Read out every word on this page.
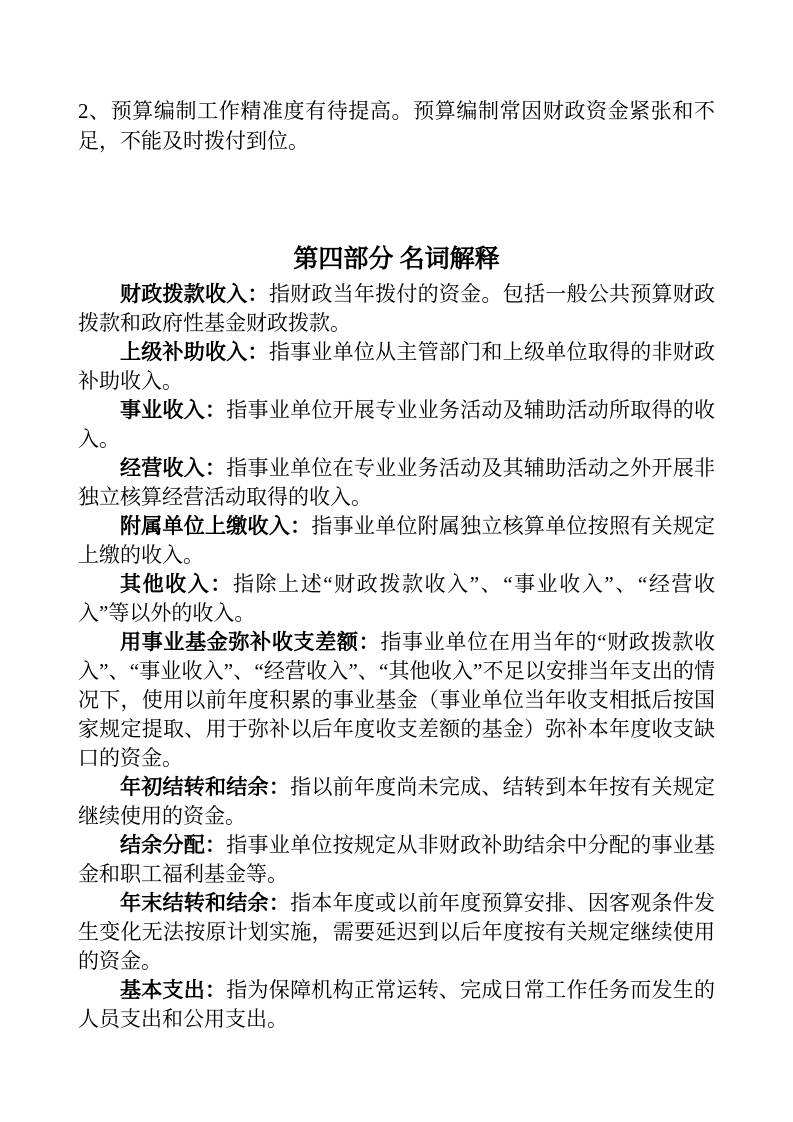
2、预算编制工作精准度有待提高。预算编制常因财政资金紧张和不足，不能及时拨付到位。

第四部分 名词解释

财政拨款收入：指财政当年拨付的资金。包括一般公共预算财政拨款和政府性基金财政拨款。

上级补助收入：指事业单位从主管部门和上级单位取得的非财政补助收入。

事业收入：指事业单位开展专业业务活动及辅助活动所取得的收入。

经营收入：指事业单位在专业业务活动及其辅助活动之外开展非独立核算经营活动取得的收入。

附属单位上缴收入：指事业单位附属独立核算单位按照有关规定上缴的收入。

其他收入：指除上述“财政拨款收入”、“事业收入”、“经营收入”等以外的收入。

用事业基金弥补收支差额：指事业单位在用当年的“财政拨款收入”、“事业收入”、“经营收入”、“其他收入”不足以安排当年支出的情况下，使用以前年度积累的事业基金（事业单位当年收支相抵后按国家规定提取、用于弥补以后年度收支差额的基金）弥补本年度收支缺口的资金。

年初结转和结余：指以前年度尚未完成、结转到本年按有关规定继续使用的资金。

结余分配：指事业单位按规定从非财政补助结余中分配的事业基金和职工福利基金等。

年末结转和结余：指本年度或以前年度预算安排、因客观条件发生变化无法按原计划实施，需要延迟到以后年度按有关规定继续使用的资金。

基本支出：指为保障机构正常运转、完成日常工作任务而发生的人员支出和公用支出。
